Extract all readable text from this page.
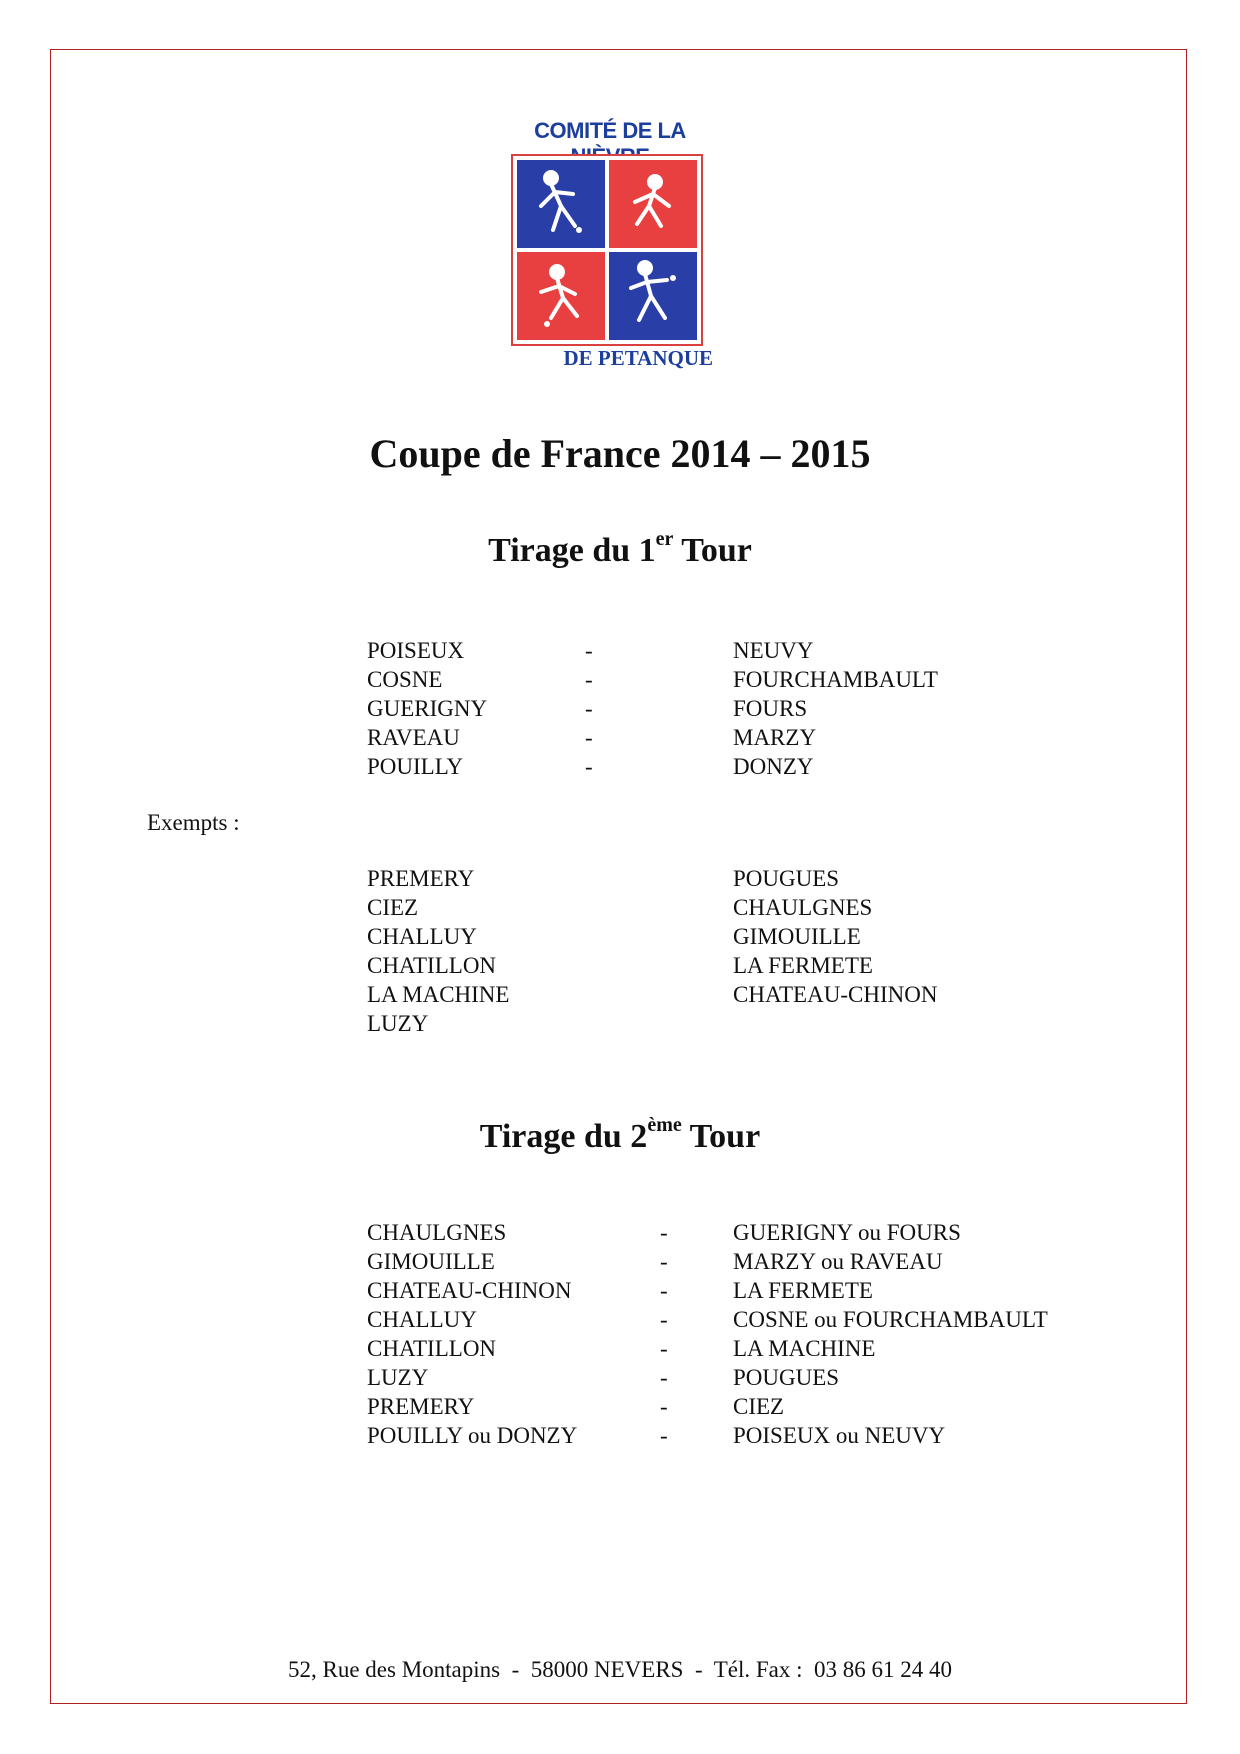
COMITÉ DE LA
DE PETANQUE
Coupe de France 2014 – 2015
Tirage du 1er Tour
POISEUX	-	NEUVY
COSNE	-	FOURCHAMBAULT
GUERIGNY	-	FOURS
RAVEAU	-	MARZY
POUILLY	-	DONZY
Exempts :
PREMERY	POUGUES
CIEZ	CHAULGNES
CHALLUY	GIMOUILLE
CHATILLON	LA FERMETE
LA MACHINE	CHATEAU-CHINON
LUZY
Tirage du 2ème Tour
CHAULGNES	-	GUERIGNY ou FOURS
GIMOUILLE	-	MARZY ou RAVEAU
CHATEAU-CHINON	-	LA FERMETE
CHALLUY	-	COSNE ou FOURCHAMBAULT
CHATILLON	-	LA MACHINE
LUZY	-	POUGUES
PREMERY	-	CIEZ
POUILLY ou DONZY	-	POISEUX ou NEUVY
52, Rue des Montapins  -  58000 NEVERS  -  Tél. Fax :  03 86 61 24 40
